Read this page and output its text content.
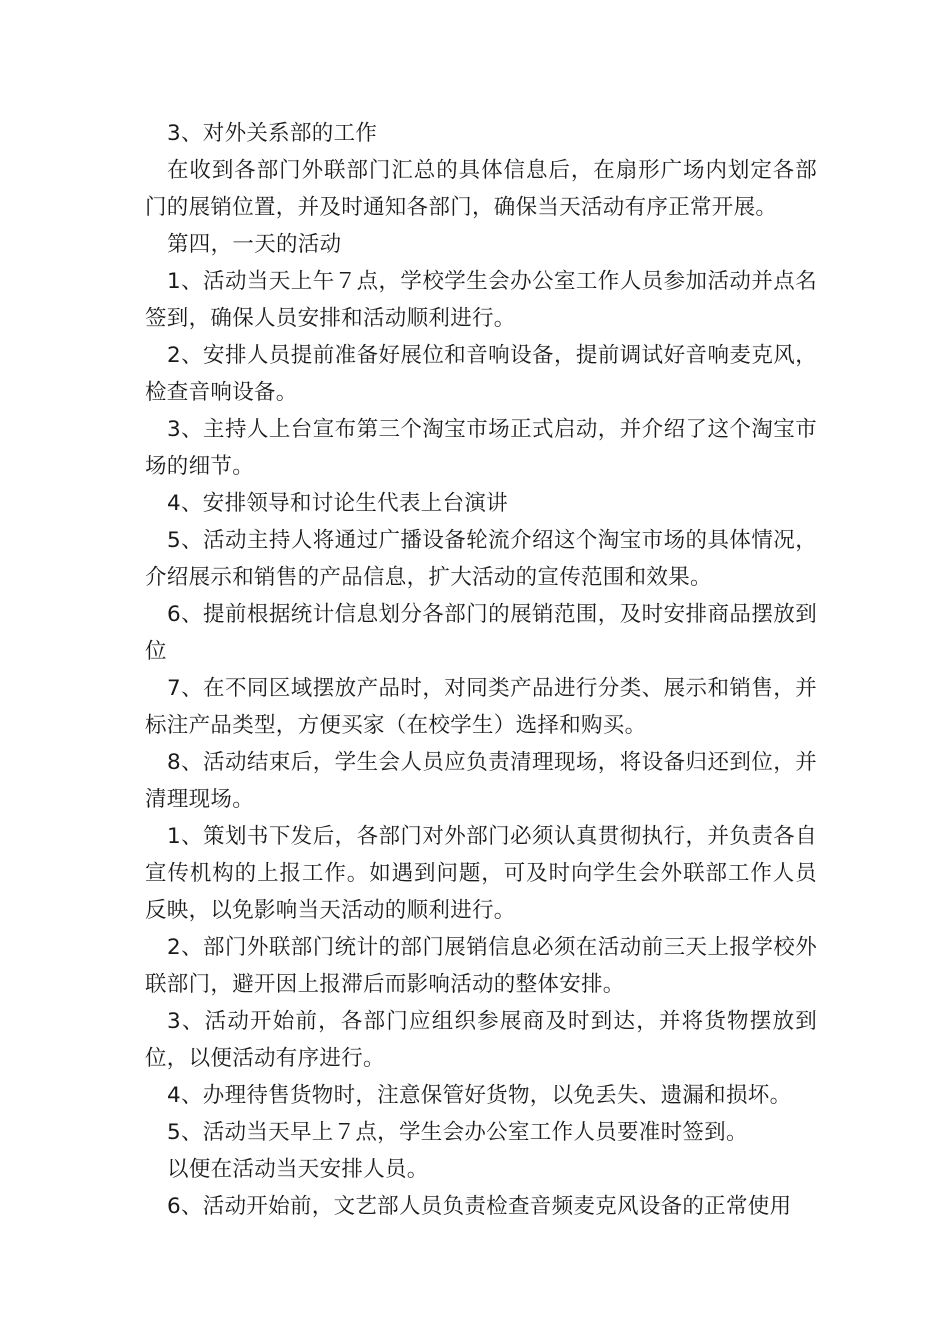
3、对外关系部的工作

在收到各部门外联部门汇总的具体信息后，在扇形广场内划定各部门的展销位置，并及时通知各部门，确保当天活动有序正常开展。

第四，一天的活动

1、活动当天上午７点，学校学生会办公室工作人员参加活动并点名签到，确保人员安排和活动顺利进行。

2、安排人员提前准备好展位和音响设备，提前调试好音响麦克风，检查音响设备。

3、主持人上台宣布第三个淘宝市场正式启动，并介绍了这个淘宝市场的细节。

4、安排领导和讨论生代表上台演讲

5、活动主持人将通过广播设备轮流介绍这个淘宝市场的具体情况，介绍展示和销售的产品信息，扩大活动的宣传范围和效果。

6、提前根据统计信息划分各部门的展销范围，及时安排商品摆放到位

7、在不同区域摆放产品时，对同类产品进行分类、展示和销售，并标注产品类型，方便买家（在校学生）选择和购买。

8、活动结束后，学生会人员应负责清理现场，将设备归还到位，并清理现场。

1、策划书下发后，各部门对外部门必须认真贯彻执行，并负责各自宣传机构的上报工作。如遇到问题，可及时向学生会外联部工作人员反映，以免影响当天活动的顺利进行。

2、部门外联部门统计的部门展销信息必须在活动前三天上报学校外联部门，避开因上报滞后而影响活动的整体安排。

3、活动开始前，各部门应组织参展商及时到达，并将货物摆放到位，以便活动有序进行。

4、办理待售货物时，注意保管好货物，以免丢失、遗漏和损坏。

5、活动当天早上７点，学生会办公室工作人员要准时签到。

以便在活动当天安排人员。

6、活动开始前，文艺部人员负责检查音频麦克风设备的正常使用
